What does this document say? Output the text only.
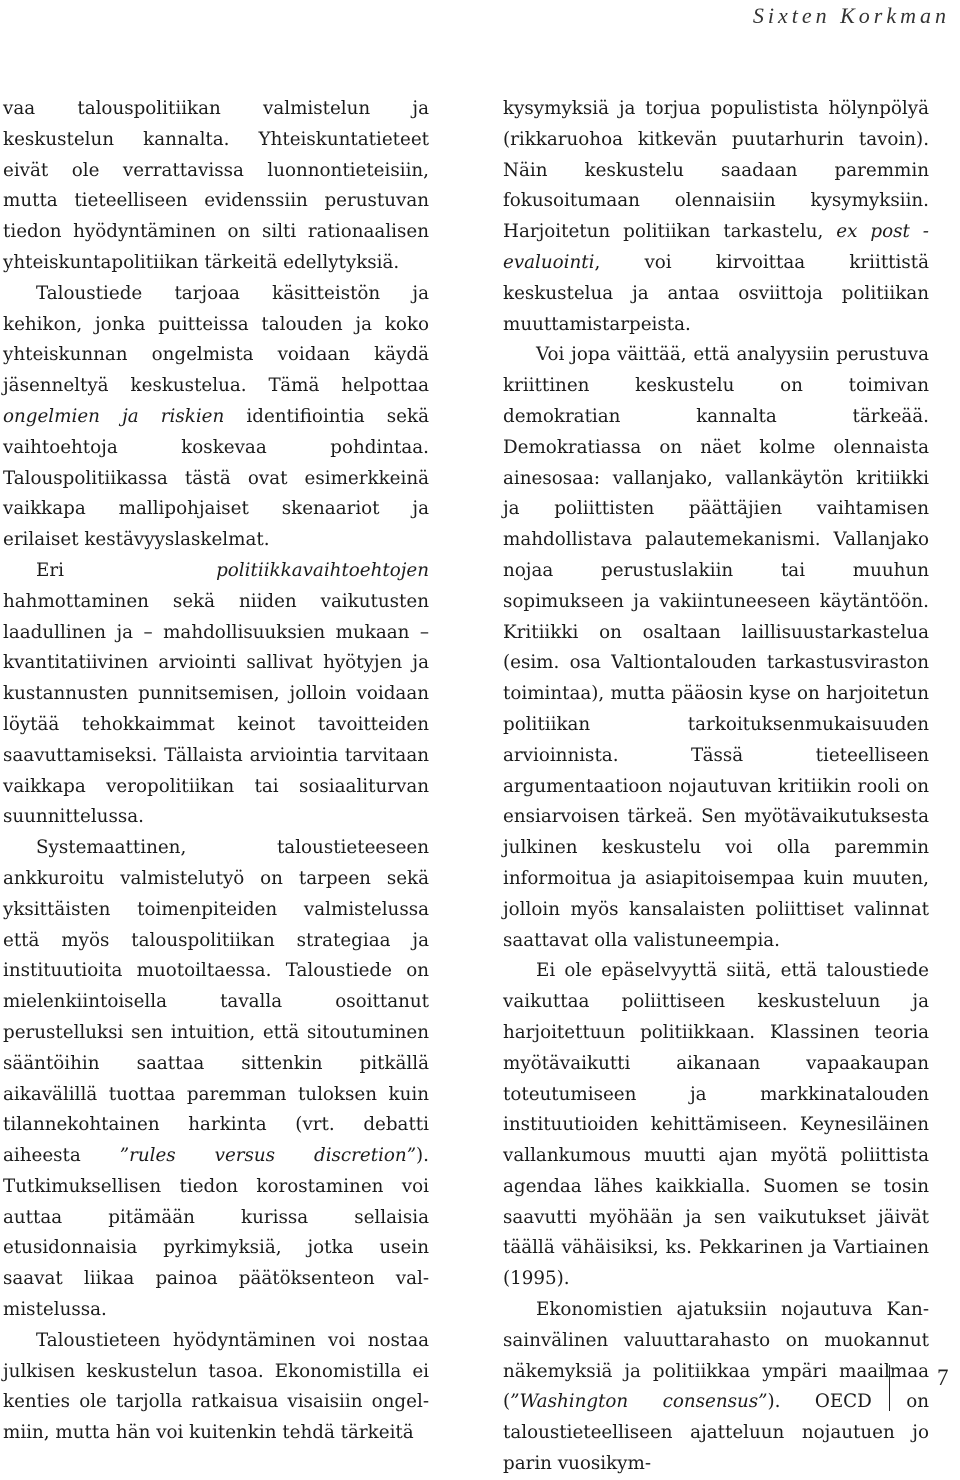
Sixten Korkman

vaa talouspolitiikan valmistelun ja keskustelun kannalta. Yhteiskuntatieteet eivät ole verrattavissa luonnontieteisiin, mutta tieteelliseen evidenssiin perustuvan tiedon hyödyntäminen on silti rationaalisen yhteiskuntapolitiikan tärkeitä edellytyksiä.

Taloustiede tarjoaa käsitteistön ja kehikon, jonka puitteissa talouden ja koko yhteiskunnan ongelmista voidaan käydä jäsenneltyä keskustelua. Tämä helpottaa ongelmien ja riskien identifiointia sekä vaihtoehtoja koskevaa pohdintaa. Talouspolitiikassa tästä ovat esimerkkeinä vaikkapa mallipohjaiset skenaariot ja erilaiset kestävyyslaskelmat.

Eri politiikkavaihtoehtojen hahmottaminen sekä niiden vaikutusten laadullinen ja – mahdollisuuksien mukaan – kvantitatiivinen arviointi sallivat hyötyjen ja kustannusten punnitsemisen, jolloin voidaan löytää tehokkaimmat keinot tavoitteiden saavuttamiseksi. Tällaista arviointia tarvitaan vaikkapa veropolitiikan tai sosiaaliturvan suunnittelussa.

Systemaattinen, taloustieteeseen ankkuroitu valmistelutyö on tarpeen sekä yksittäisten toimenpiteiden valmistelussa että myös talouspolitiikan strategiaa ja instituutioita muotoiltaessa. Taloustiede on mielenkiintoisella tavalla osoittanut perustelluksi sen intuition, että sitoutuminen sääntöihin saattaa sittenkin pitkällä aikavälillä tuottaa paremman tuloksen kuin tilannekohtainen harkinta (vrt. debatti aiheesta ”rules versus discretion”). Tutkimuksellisen tiedon korostaminen voi auttaa pitämään kurissa sellaisia etusidonnaisia pyrkimyksiä, jotka usein saavat liikaa painoa päätöksenteon valmistelussa.

Taloustieteen hyödyntäminen voi nostaa julkisen keskustelun tasoa. Ekonomistilla ei kenties ole tarjolla ratkaisua visaisiin ongelmiin, mutta hän voi kuitenkin tehdä tärkeitä

kysymyksiä ja torjua populistista hölynpölyä (rikkaruohoa kitkevän puutarhurin tavoin). Näin keskustelu saadaan paremmin fokusoitumaan olennaisiin kysymyksiin. Harjoitetun politiikan tarkastelu, ex post -evaluointi, voi kirvoittaa kriittistä keskustelua ja antaa osviittoja politiikan muuttamistarpeista.

Voi jopa väittää, että analyysiin perustuva kriittinen keskustelu on toimivan demokratian kannalta tärkeää. Demokratiassa on näet kolme olennaista ainesosaa: vallanjako, vallankäytön kritiikki ja poliittisten päättäjien vaihtamisen mahdollistava palautemekanismi. Vallanjako nojaa perustuslakiin tai muuhun sopimukseen ja vakiintuneeseen käytäntöön. Kritiikki on osaltaan laillisuustarkastelua (esim. osa Valtiontalouden tarkastusviraston toimintaa), mutta pääosin kyse on harjoitetun politiikan tarkoituksenmukaisuuden arvioinnista. Tässä tieteelliseen argumentaatioon nojautuvan kritiikin rooli on ensiarvoisen tärkeä. Sen myötävaikutuksesta julkinen keskustelu voi olla paremmin informoitua ja asiapitoisempaa kuin muuten, jolloin myös kansalaisten poliittiset valinnat saattavat olla valistuneempia.

Ei ole epäselvyyttä siitä, että taloustiede vaikuttaa poliittiseen keskusteluun ja harjoitettuun politiikkaan. Klassinen teoria myötävaikutti aikanaan vapaakaupan toteutumiseen ja markkinatalouden instituutioiden kehittämiseen. Keynesiläinen vallankumous muutti ajan myötä poliittista agendaa lähes kaikkialla. Suomen se tosin saavutti myöhään ja sen vaikutukset jäivät täällä vähäisiksi, ks. Pekkarinen ja Vartiainen (1995).

Ekonomistien ajatuksiin nojautuva Kansainvälinen valuuttarahasto on muokannut näkemyksiä ja politiikkaa ympäri maailmaa (”Washington consensus”). OECD on taloustieteelliseen ajatteluun nojautuen jo parin vuosikym-

7
